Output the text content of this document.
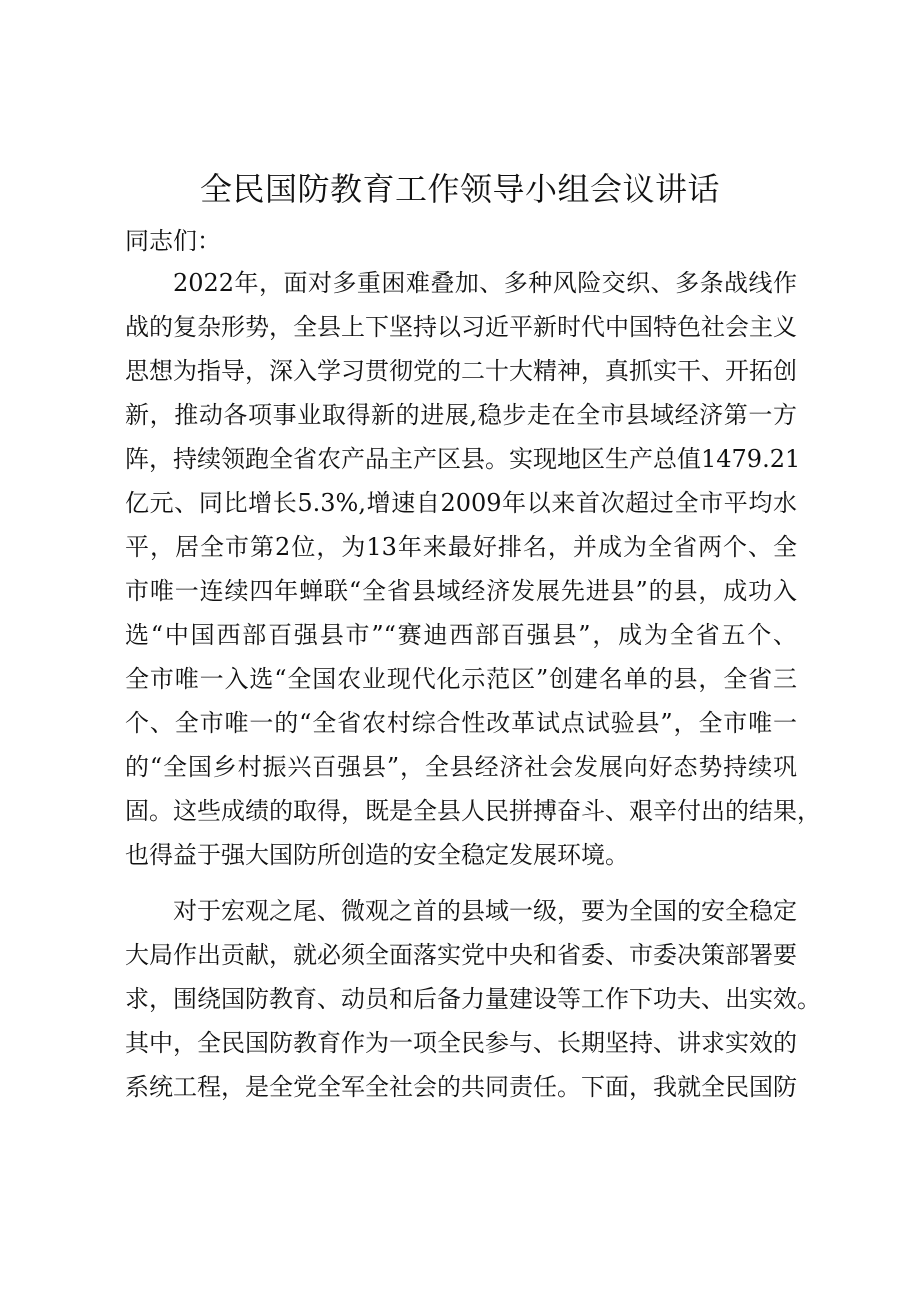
全民国防教育工作领导小组会议讲话
同志们：
2022年，面对多重困难叠加、多种风险交织、多条战线作
战的复杂形势，全县上下坚持以习近平新时代中国特色社会主义
思想为指导，深入学习贯彻党的二十大精神，真抓实干、开拓创
新，推动各项事业取得新的进展,稳步走在全市县域经济第一方
阵，持续领跑全省农产品主产区县。实现地区生产总值1479.21
亿元、同比增长5.3%,增速自2009年以来首次超过全市平均水
平，居全市第2位，为13年来最好排名，并成为全省两个、全
市唯一连续四年蝉联“全省县域经济发展先进县”的县，成功入
选“中国西部百强县市”“赛迪西部百强县”，成为全省五个、
全市唯一入选“全国农业现代化示范区”创建名单的县，全省三
个、全市唯一的“全省农村综合性改革试点试验县”，全市唯一
的“全国乡村振兴百强县”，全县经济社会发展向好态势持续巩
固。这些成绩的取得，既是全县人民拼搏奋斗、艰辛付出的结果，
也得益于强大国防所创造的安全稳定发展环境。
对于宏观之尾、微观之首的县域一级，要为全国的安全稳定
大局作出贡献，就必须全面落实党中央和省委、市委决策部署要
求，围绕国防教育、动员和后备力量建设等工作下功夫、出实效。
其中，全民国防教育作为一项全民参与、长期坚持、讲求实效的
系统工程，是全党全军全社会的共同责任。下面，我就全民国防
